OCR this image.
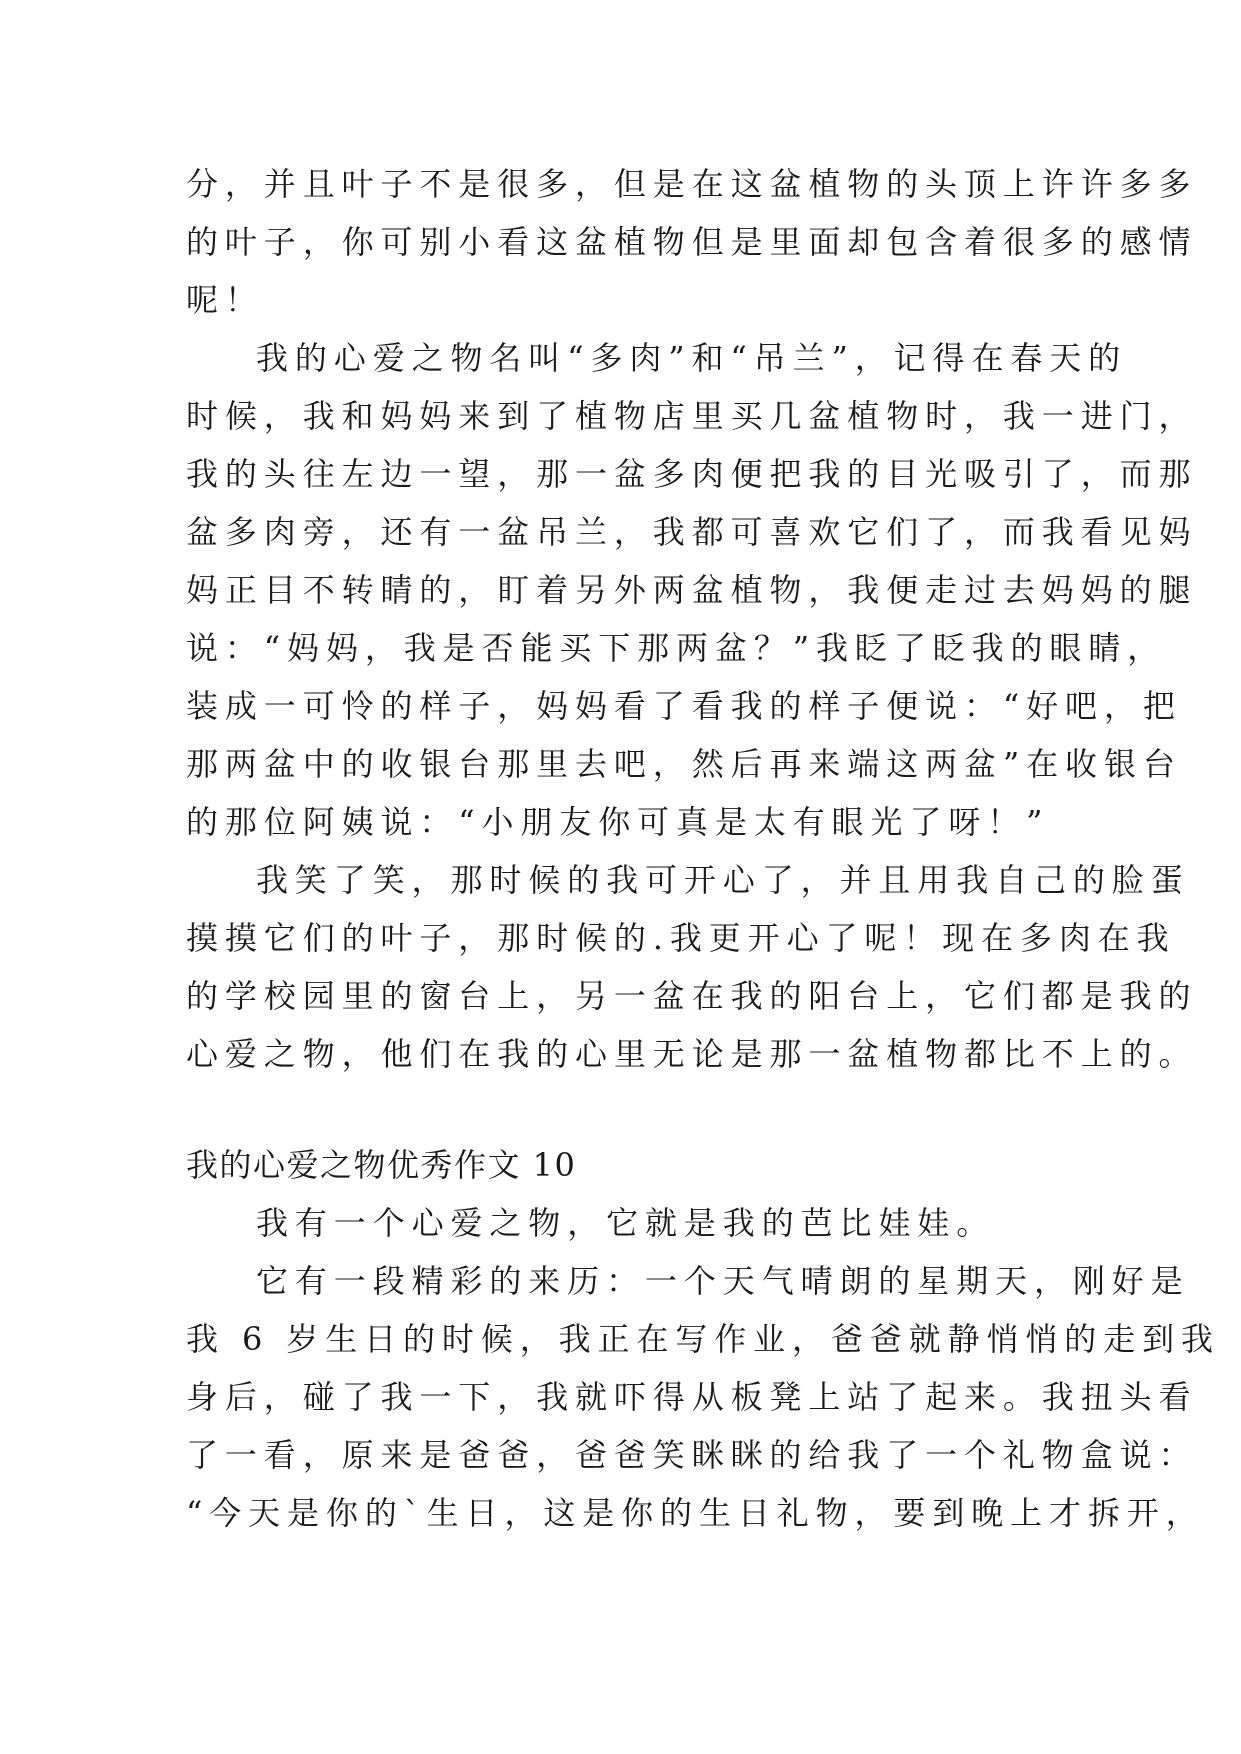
分，并且叶子不是很多，但是在这盆植物的头顶上许许多多
的叶子，你可别小看这盆植物但是里面却包含着很多的感情
呢！
我的心爱之物名叫“多肉”和“吊兰”，记得在春天的
时候，我和妈妈来到了植物店里买几盆植物时，我一进门，
我的头往左边一望，那一盆多肉便把我的目光吸引了，而那
盆多肉旁，还有一盆吊兰，我都可喜欢它们了，而我看见妈
妈正目不转睛的，盯着另外两盆植物，我便走过去妈妈的腿
说：“妈妈，我是否能买下那两盆？”我眨了眨我的眼睛，
装成一可怜的样子，妈妈看了看我的样子便说：“好吧，把
那两盆中的收银台那里去吧，然后再来端这两盆”在收银台
的那位阿姨说：“小朋友你可真是太有眼光了呀！”
我笑了笑，那时候的我可开心了，并且用我自己的脸蛋
摸摸它们的叶子，那时候的.我更开心了呢！现在多肉在我
的学校园里的窗台上，另一盆在我的阳台上，它们都是我的
心爱之物，他们在我的心里无论是那一盆植物都比不上的。
我的心爱之物优秀作文 10
我有一个心爱之物，它就是我的芭比娃娃。
它有一段精彩的来历：一个天气晴朗的星期天，刚好是
我 6 岁生日的时候，我正在写作业，爸爸就静悄悄的走到我
身后，碰了我一下，我就吓得从板凳上站了起来。我扭头看
了一看，原来是爸爸，爸爸笑眯眯的给我了一个礼物盒说：
“今天是你的`生日，这是你的生日礼物，要到晚上才拆开，
